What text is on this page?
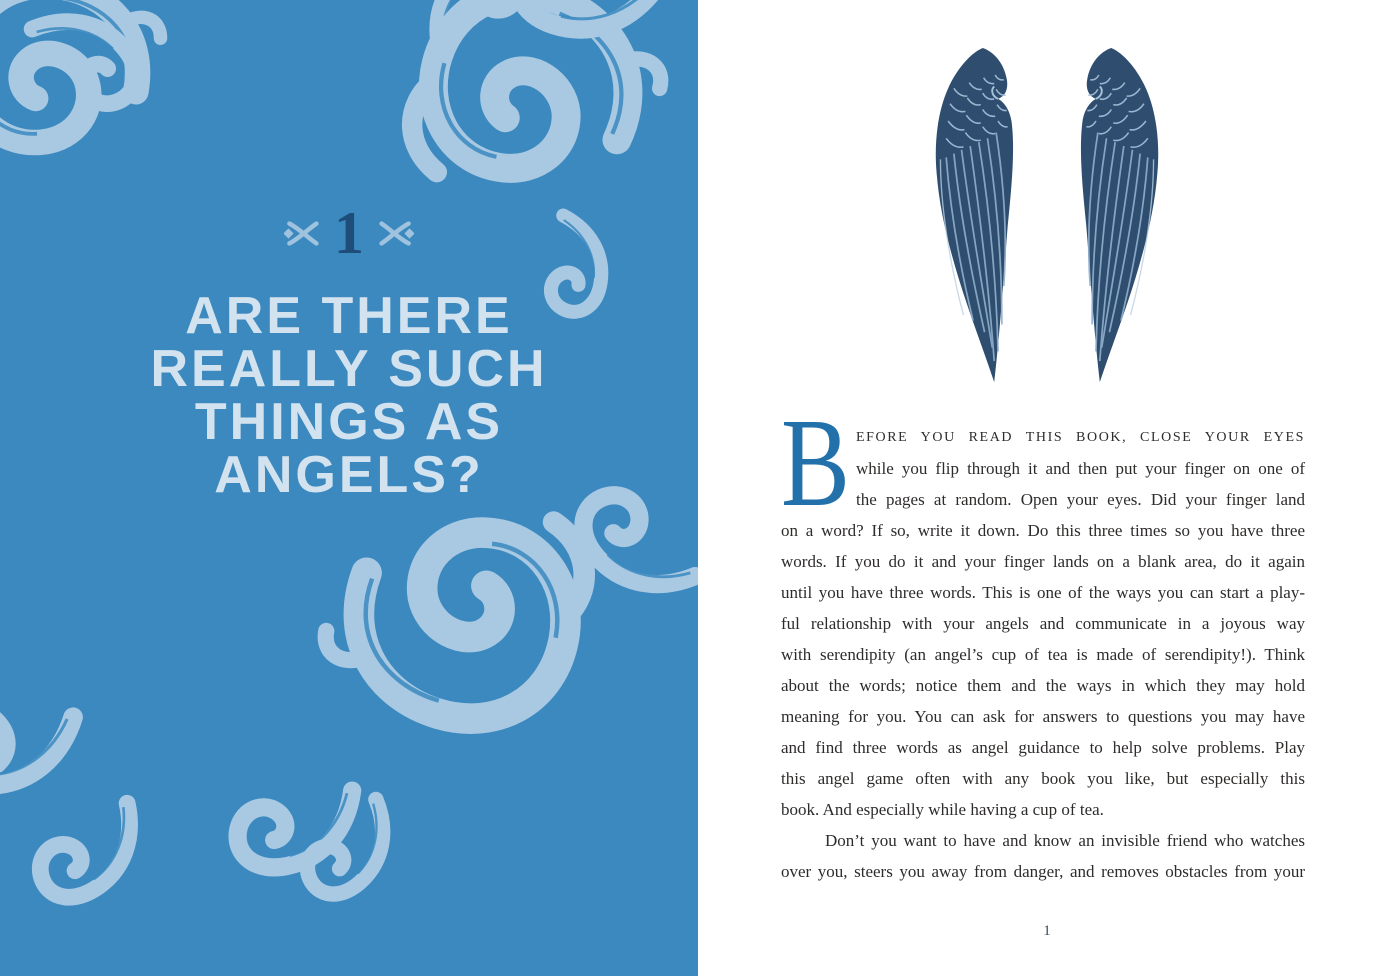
1
ARE THERE
REALLY SUCH
THINGS AS
ANGELS?	B EFORE YOU READ THIS BOOK, CLOSE YOUR EYES
while you flip through it and then put your finger on one of
the pages at random. Open your eyes. Did your finger land
on a word? If so, write it down. Do this three times so you have three
words. If you do it and your finger lands on a blank area, do it again
until you have three words. This is one of the ways you can start a play-
ful relationship with your angels and communicate in a joyous way
with serendipity (an angel’s cup of tea is made of serendipity!). Think
about the words; notice them and the ways in which they may hold
meaning for you. You can ask for answers to questions you may have
and find three words as angel guidance to help solve problems. Play
this angel game often with any book you like, but especially this
book. And especially while having a cup of tea.
Don’t you want to have and know an invisible friend who watches
over you, steers you away from danger, and removes obstacles from your
1
